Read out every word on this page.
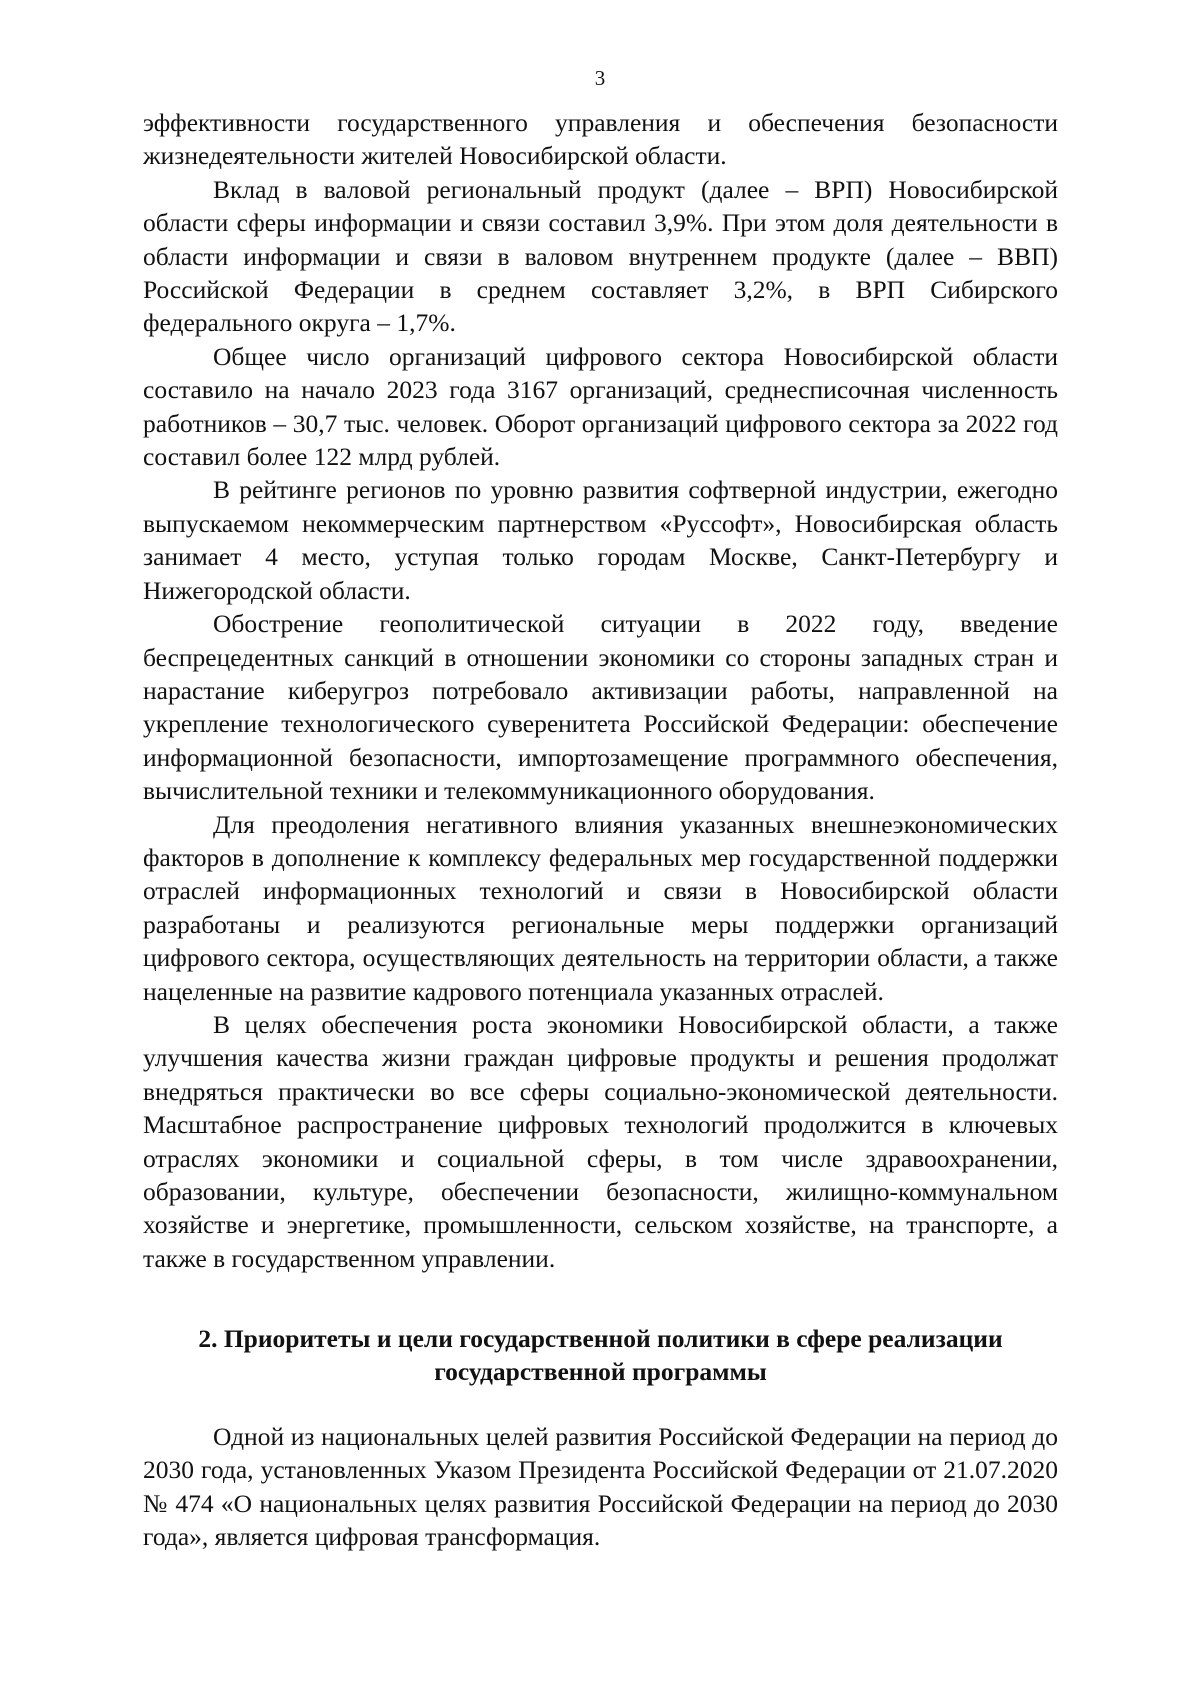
3

эффективности государственного управления и обеспечения безопасности жизнедеятельности жителей Новосибирской области.

Вклад в валовой региональный продукт (далее – ВРП) Новосибирской области сферы информации и связи составил 3,9%. При этом доля деятельности в области информации и связи в валовом внутреннем продукте (далее – ВВП) Российской Федерации в среднем составляет 3,2%, в ВРП Сибирского федерального округа – 1,7%.

Общее число организаций цифрового сектора Новосибирской области составило на начало 2023 года 3167 организаций, среднесписочная численность работников – 30,7 тыс. человек. Оборот организаций цифрового сектора за 2022 год составил более 122 млрд рублей.

В рейтинге регионов по уровню развития софтверной индустрии, ежегодно выпускаемом некоммерческим партнерством «Руссофт», Новосибирская область занимает 4 место, уступая только городам Москве, Санкт-Петербургу и Нижегородской области.

Обострение геополитической ситуации в 2022 году, введение беспрецедентных санкций в отношении экономики со стороны западных стран и нарастание киберугроз потребовало активизации работы, направленной на укрепление технологического суверенитета Российской Федерации: обеспечение информационной безопасности, импортозамещение программного обеспечения, вычислительной техники и телекоммуникационного оборудования.

Для преодоления негативного влияния указанных внешнеэкономических факторов в дополнение к комплексу федеральных мер государственной поддержки отраслей информационных технологий и связи в Новосибирской области разработаны и реализуются региональные меры поддержки организаций цифрового сектора, осуществляющих деятельность на территории области, а также нацеленные на развитие кадрового потенциала указанных отраслей.

В целях обеспечения роста экономики Новосибирской области, а также улучшения качества жизни граждан цифровые продукты и решения продолжат внедряться практически во все сферы социально-экономической деятельности. Масштабное распространение цифровых технологий продолжится в ключевых отраслях экономики и социальной сферы, в том числе здравоохранении, образовании, культуре, обеспечении безопасности, жилищно-коммунальном хозяйстве и энергетике, промышленности, сельском хозяйстве, на транспорте, а также в государственном управлении.

2. Приоритеты и цели государственной политики в сфере реализации государственной программы

Одной из национальных целей развития Российской Федерации на период до 2030 года, установленных Указом Президента Российской Федерации от 21.07.2020 № 474 «О национальных целях развития Российской Федерации на период до 2030 года», является цифровая трансформация.
